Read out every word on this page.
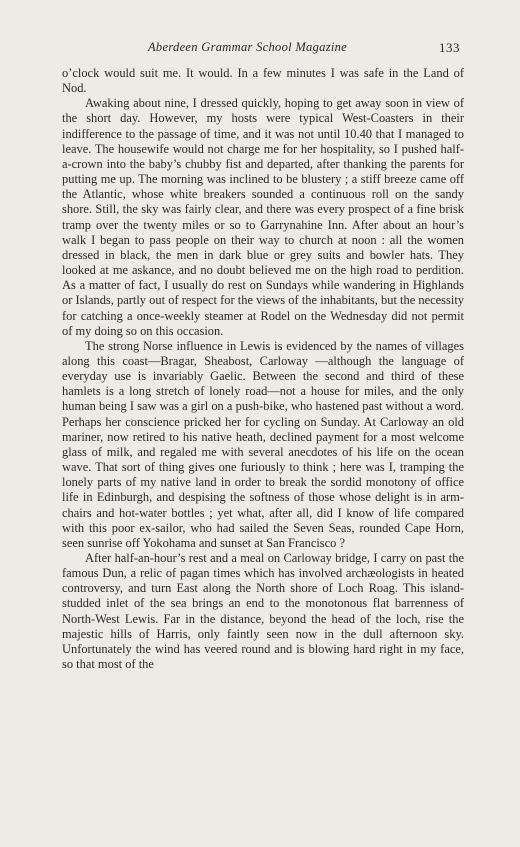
Aberdeen Grammar School Magazine	133

o’clock would suit me. It would. In a few minutes I was safe in the Land of Nod.

Awaking about nine, I dressed quickly, hoping to get away soon in view of the short day. However, my hosts were typical West-Coasters in their indifference to the passage of time, and it was not until 10.40 that I managed to leave. The housewife would not charge me for her hospitality, so I pushed half-a-crown into the baby’s chubby fist and departed, after thanking the parents for putting me up. The morning was inclined to be blustery ; a stiff breeze came off the Atlantic, whose white breakers sounded a continuous roll on the sandy shore. Still, the sky was fairly clear, and there was every prospect of a fine brisk tramp over the twenty miles or so to Garrynahine Inn. After about an hour’s walk I began to pass people on their way to church at noon : all the women dressed in black, the men in dark blue or grey suits and bowler hats. They looked at me askance, and no doubt believed me on the high road to perdition. As a matter of fact, I usually do rest on Sundays while wandering in Highlands or Islands, partly out of respect for the views of the inhabitants, but the necessity for catching a once-weekly steamer at Rodel on the Wednesday did not permit of my doing so on this occasion.

The strong Norse influence in Lewis is evidenced by the names of villages along this coast—Bragar, Sheabost, Carloway —although the language of everyday use is invariably Gaelic. Between the second and third of these hamlets is a long stretch of lonely road—not a house for miles, and the only human being I saw was a girl on a push-bike, who hastened past without a word. Perhaps her conscience pricked her for cycling on Sunday. At Carloway an old mariner, now retired to his native heath, declined payment for a most welcome glass of milk, and regaled me with several anecdotes of his life on the ocean wave. That sort of thing gives one furiously to think ; here was I, tramping the lonely parts of my native land in order to break the sordid monotony of office life in Edinburgh, and despising the softness of those whose delight is in arm-chairs and hot-water bottles ; yet what, after all, did I know of life compared with this poor ex-sailor, who had sailed the Seven Seas, rounded Cape Horn, seen sunrise off Yokohama and sunset at San Francisco ?

After half-an-hour’s rest and a meal on Carloway bridge, I carry on past the famous Dun, a relic of pagan times which has involved archæologists in heated controversy, and turn East along the North shore of Loch Roag. This island-studded inlet of the sea brings an end to the monotonous flat barrenness of North-West Lewis. Far in the distance, beyond the head of the loch, rise the majestic hills of Harris, only faintly seen now in the dull afternoon sky. Unfortunately the wind has veered round and is blowing hard right in my face, so that most of the
